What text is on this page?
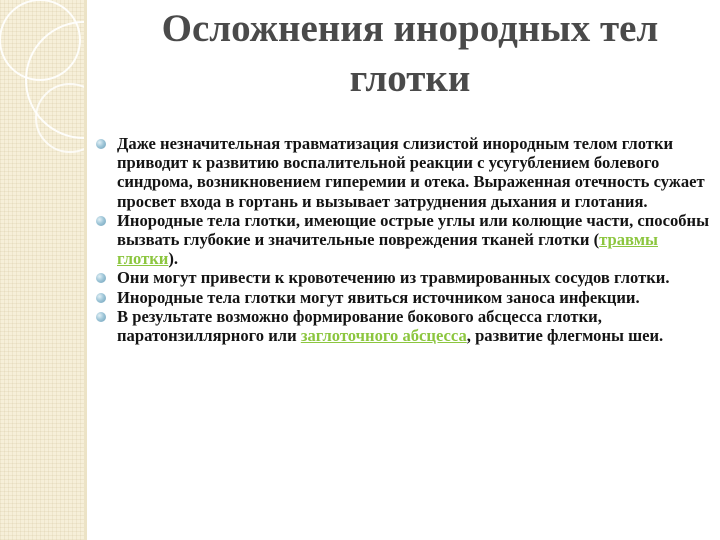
Осложнения инородных тел глотки
Даже незначительная травматизация слизистой инородным телом глотки приводит к развитию воспалительной реакции с усугублением болевого синдрома, возникновением гиперемии и отека. Выраженная отечность сужает просвет входа в гортань и вызывает затруднения дыхания и глотания.
Инородные тела глотки, имеющие острые углы или колющие части, способны вызвать глубокие и значительные повреждения тканей глотки (травмы глотки).
Они могут привести к кровотечению из травмированных сосудов глотки.
Инородные тела глотки могут явиться источником заноса инфекции.
В результате возможно формирование бокового абсцесса глотки, паратонзиллярного или заглоточного абсцесса, развитие флегмоны шеи.
